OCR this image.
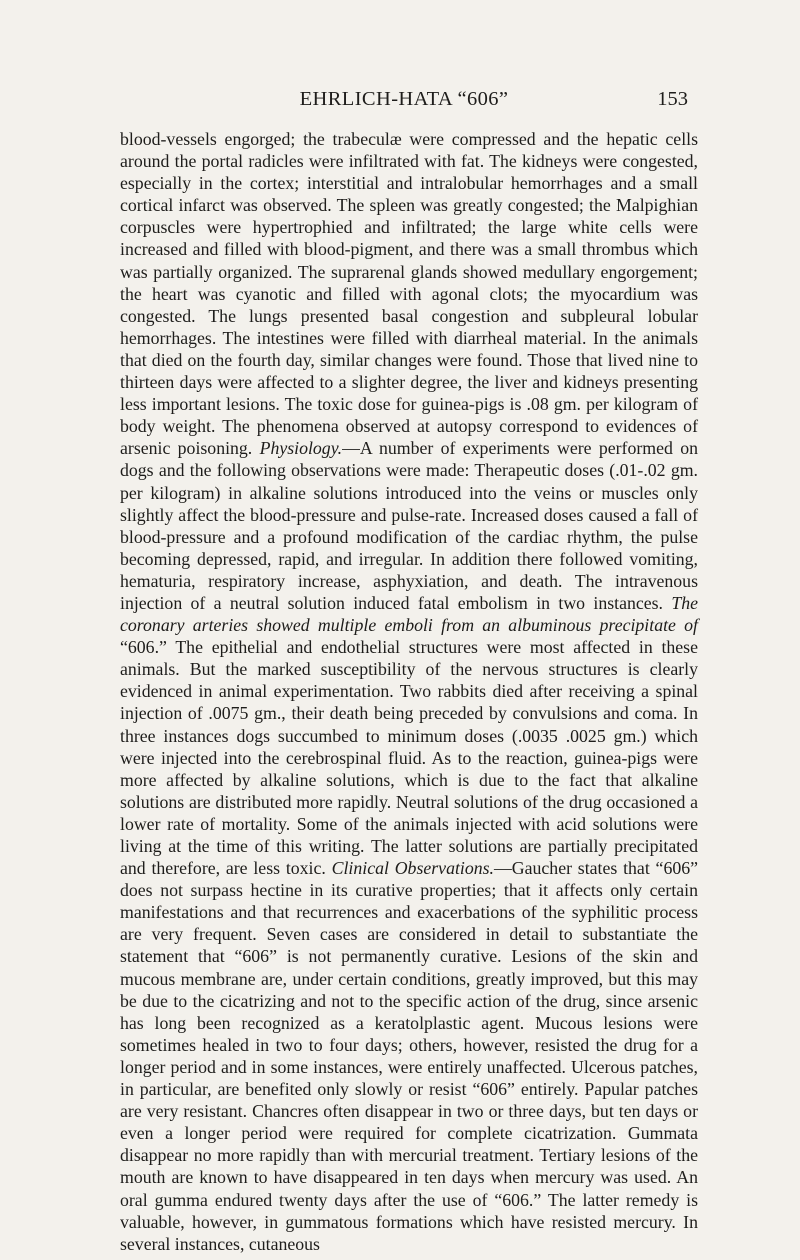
EHRLICH-HATA “606”	153

blood-vessels engorged; the trabeculæ were compressed and the hepatic cells around the portal radicles were infiltrated with fat. The kidneys were congested, especially in the cortex; interstitial and intralobular hemorrhages and a small cortical infarct was observed. The spleen was greatly congested; the Malpighian corpuscles were hypertrophied and infiltrated; the large white cells were increased and filled with blood-pigment, and there was a small thrombus which was partially organized. The suprarenal glands showed medullary engorgement; the heart was cyanotic and filled with agonal clots; the myocardium was congested. The lungs presented basal congestion and subpleural lobular hemorrhages. The intestines were filled with diarrheal material. In the animals that died on the fourth day, similar changes were found. Those that lived nine to thirteen days were affected to a slighter degree, the liver and kidneys presenting less important lesions. The toxic dose for guinea-pigs is .08 gm. per kilogram of body weight. The phenomena observed at autopsy correspond to evidences of arsenic poisoning. Physiology.—A number of experiments were performed on dogs and the following observations were made: Therapeutic doses (.01-.02 gm. per kilogram) in alkaline solutions introduced into the veins or muscles only slightly affect the blood-pressure and pulse-rate. Increased doses caused a fall of blood-pressure and a profound modification of the cardiac rhythm, the pulse becoming depressed, rapid, and irregular. In addition there followed vomiting, hematuria, respiratory increase, asphyxiation, and death. The intravenous injection of a neutral solution induced fatal embolism in two instances. The coronary arteries showed multiple emboli from an albuminous precipitate of “606.” The epithelial and endothelial structures were most affected in these animals. But the marked susceptibility of the nervous structures is clearly evidenced in animal experimentation. Two rabbits died after receiving a spinal injection of .0075 gm., their death being preceded by convulsions and coma. In three instances dogs succumbed to minimum doses (.0035 .0025 gm.) which were injected into the cerebrospinal fluid. As to the reaction, guinea-pigs were more affected by alkaline solutions, which is due to the fact that alkaline solutions are distributed more rapidly. Neutral solutions of the drug occasioned a lower rate of mortality. Some of the animals injected with acid solutions were living at the time of this writing. The latter solutions are partially precipitated and therefore, are less toxic. Clinical Observations.—Gaucher states that “606” does not surpass hectine in its curative properties; that it affects only certain manifestations and that recurrences and exacerbations of the syphilitic process are very frequent. Seven cases are considered in detail to substantiate the statement that “606” is not permanently curative. Lesions of the skin and mucous membrane are, under certain conditions, greatly improved, but this may be due to the cicatrizing and not to the specific action of the drug, since arsenic has long been recognized as a keratolplastic agent. Mucous lesions were sometimes healed in two to four days; others, however, resisted the drug for a longer period and in some instances, were entirely unaffected. Ulcerous patches, in particular, are benefited only slowly or resist “606” entirely. Papular patches are very resistant. Chancres often disappear in two or three days, but ten days or even a longer period were required for complete cicatrization. Gummata disappear no more rapidly than with mercurial treatment. Tertiary lesions of the mouth are known to have disappeared in ten days when mercury was used. An oral gumma endured twenty days after the use of “606.” The latter remedy is valuable, however, in gummatous formations which have resisted mercury. In several instances, cutaneous
